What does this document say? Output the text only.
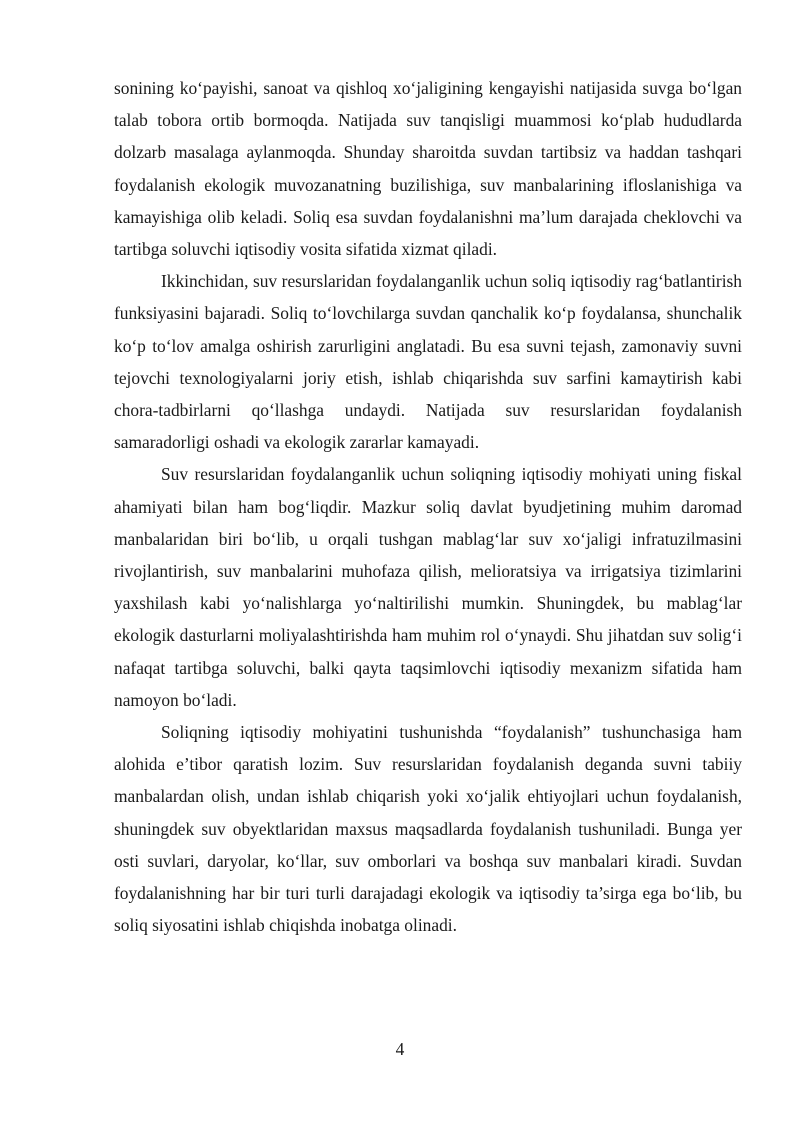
sonining ko‘payishi, sanoat va qishloq xo‘jaligining kengayishi natijasida suvga bo‘lgan talab tobora ortib bormoqda. Natijada suv tanqisligi muammosi ko‘plab hududlarda dolzarb masalaga aylanmoqda. Shunday sharoitda suvdan tartibsiz va haddan tashqari foydalanish ekologik muvozanatning buzilishiga, suv manbalarining ifloslanishiga va kamayishiga olib keladi. Soliq esa suvdan foydalanishni ma’lum darajada cheklovchi va tartibga soluvchi iqtisodiy vosita sifatida xizmat qiladi.

Ikkinchidan, suv resurslaridan foydalanganlik uchun soliq iqtisodiy rag‘batlantirish funksiyasini bajaradi. Soliq to‘lovchilarga suvdan qanchalik ko‘p foydalansa, shunchalik ko‘p to‘lov amalga oshirish zarurligini anglatadi. Bu esa suvni tejash, zamonaviy suvni tejovchi texnologiyalarni joriy etish, ishlab chiqarishda suv sarfini kamaytirish kabi chora-tadbirlarni qo‘llashga undaydi. Natijada suv resurslaridan foydalanish samaradorligi oshadi va ekologik zararlar kamayadi.

Suv resurslaridan foydalanganlik uchun soliqning iqtisodiy mohiyati uning fiskal ahamiyati bilan ham bog‘liqdir. Mazkur soliq davlat byudjetining muhim daromad manbalaridan biri bo‘lib, u orqali tushgan mablag‘lar suv xo‘jaligi infratuzilmasini rivojlantirish, suv manbalarini muhofaza qilish, melioratsiya va irrigatsiya tizimlarini yaxshilash kabi yo‘nalishlarga yo‘naltirilishi mumkin. Shuningdek, bu mablag‘lar ekologik dasturlarni moliyalashtirishda ham muhim rol o‘ynaydi. Shu jihatdan suv solig‘i nafaqat tartibga soluvchi, balki qayta taqsimlovchi iqtisodiy mexanizm sifatida ham namoyon bo‘ladi.

Soliqning iqtisodiy mohiyatini tushunishda “foydalanish” tushunchasiga ham alohida e’tibor qaratish lozim. Suv resurslaridan foydalanish deganda suvni tabiiy manbalardan olish, undan ishlab chiqarish yoki xo‘jalik ehtiyojlari uchun foydalanish, shuningdek suv obyektlaridan maxsus maqsadlarda foydalanish tushuniladi. Bunga yer osti suvlari, daryolar, ko‘llar, suv omborlari va boshqa suv manbalari kiradi. Suvdan foydalanishning har bir turi turli darajadagi ekologik va iqtisodiy ta’sirga ega bo‘lib, bu soliq siyosatini ishlab chiqishda inobatga olinadi.

4
